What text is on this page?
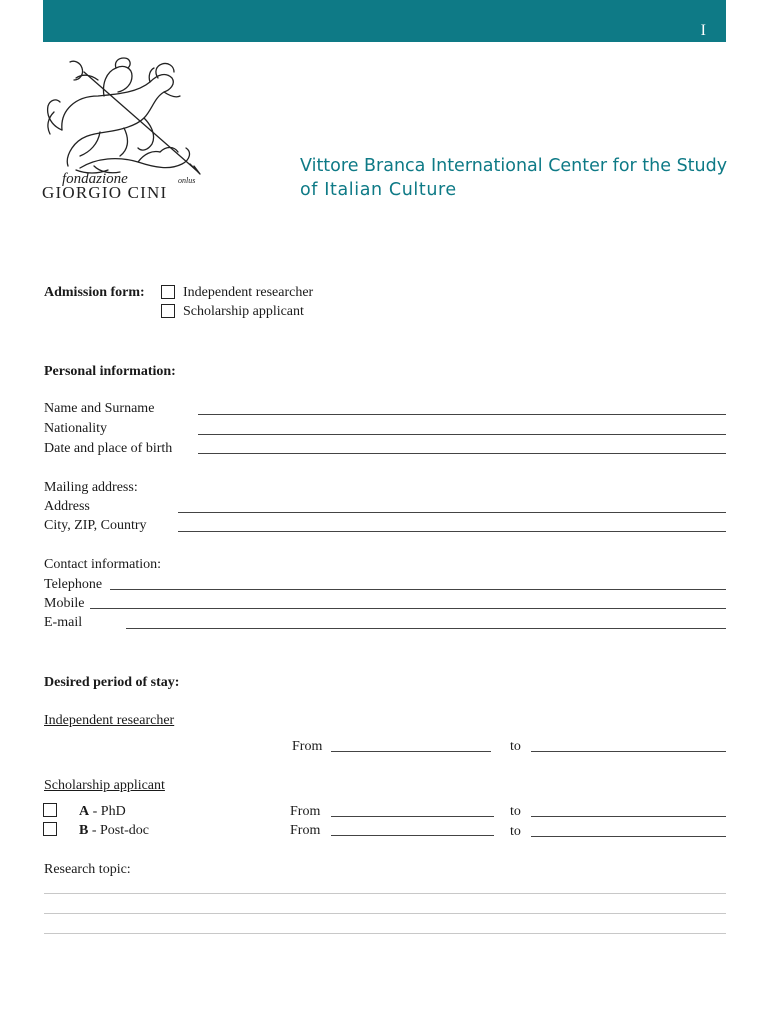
I
fondazione	onlus
GIORGIO CINI
Vittore Branca International Center for the Study
of Italian Culture
Admission form:	Independent researcher
Scholarship applicant
Personal information:
Name and Surname
Nationality
Date and place of birth
Mailing address:
Address
City, ZIP, Country
Contact information:
Telephone
Mobile
E-mail
Desired period of stay:
Independent researcher
From	to
Scholarship applicant
A - PhD	From	to
B - Post-doc	From	to
Research topic:
